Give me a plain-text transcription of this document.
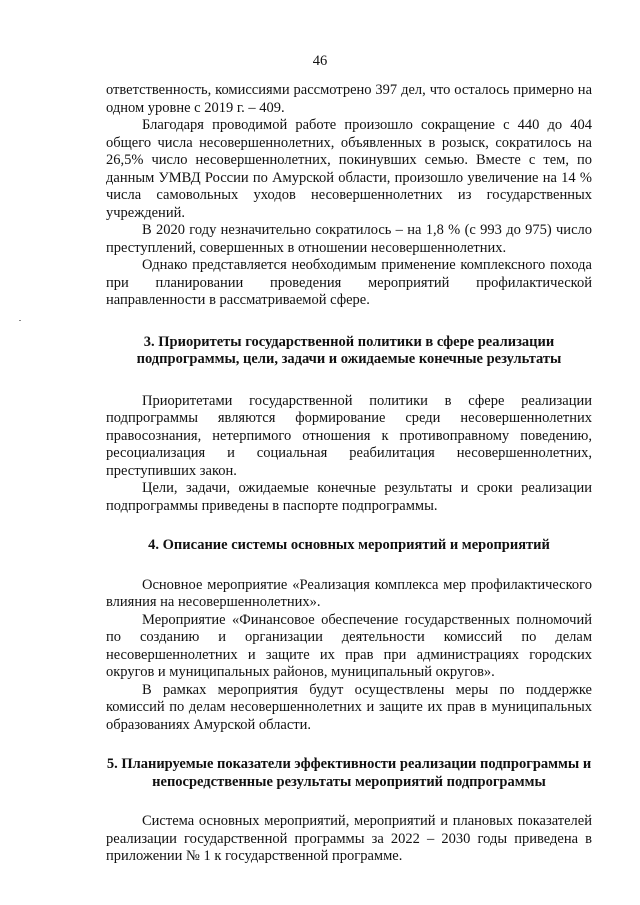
46

ответственность, комиссиями рассмотрено 397 дел, что осталось примерно на одном уровне с 2019 г. – 409.

Благодаря проводимой работе произошло сокращение с 440 до 404 общего числа несовершеннолетних, объявленных в розыск, сократилось на 26,5% число несовершеннолетних, покинувших семью. Вместе с тем, по данным УМВД России по Амурской области, произошло увеличение на 14 % числа самовольных уходов несовершеннолетних из государственных учреждений.

В 2020 году незначительно сократилось – на 1,8 % (с 993 до 975) число преступлений, совершенных в отношении несовершеннолетних.

Однако представляется необходимым применение комплексного похода при планировании проведения мероприятий профилактической направленности в рассматриваемой сфере.

3. Приоритеты государственной политики в сфере реализации подпрограммы, цели, задачи и ожидаемые конечные результаты

Приоритетами государственной политики в сфере реализации подпрограммы являются формирование среди несовершеннолетних правосознания, нетерпимого отношения к противоправному поведению, ресоциализация и социальная реабилитация несовершеннолетних, преступивших закон.

Цели, задачи, ожидаемые конечные результаты и сроки реализации подпрограммы приведены в паспорте подпрограммы.

4. Описание системы основных мероприятий и мероприятий

Основное мероприятие «Реализация комплекса мер профилактического влияния на несовершеннолетних».

Мероприятие «Финансовое обеспечение государственных полномочий по созданию и организации деятельности комиссий по делам несовершеннолетних и защите их прав при администрациях городских округов и муниципальных районов, муниципальный округов».

В рамках мероприятия будут осуществлены меры по поддержке комиссий по делам несовершеннолетних и защите их прав в муниципальных образованиях Амурской области.

5. Планируемые показатели эффективности реализации подпрограммы и непосредственные результаты мероприятий подпрограммы

Система основных мероприятий, мероприятий и плановых показателей реализации государственной программы за 2022 – 2030 годы приведена в приложении № 1 к государственной программе.
